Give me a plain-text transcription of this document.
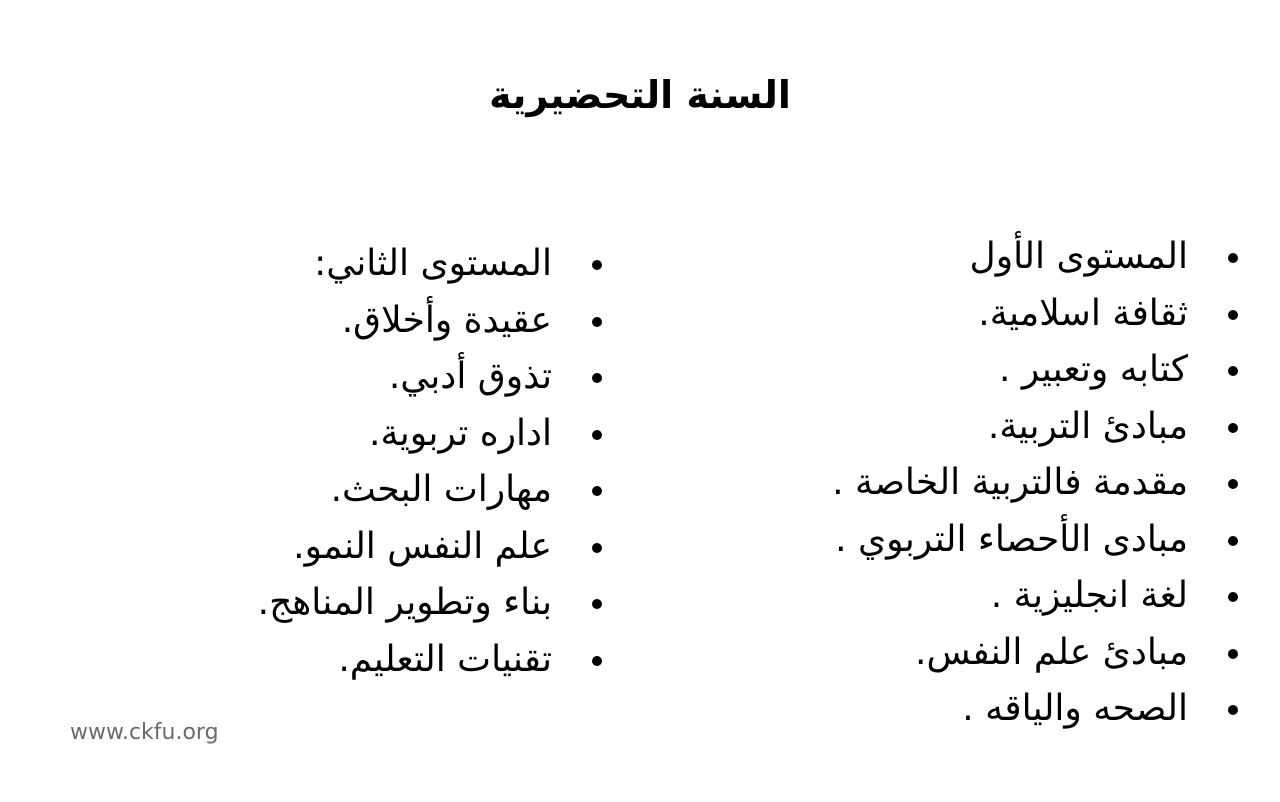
السنة التحضيرية
المستوى الأول
ثقافة اسلامية.
كتابه وتعبير .
مبادئ التربية.
مقدمة فالتربية الخاصة .
مبادى الأحصاء التربوي .
لغة انجليزية .
مبادئ علم النفس.
الصحه والياقه .
المستوى الثاني:
عقيدة وأخلاق.
تذوق أدبي.
اداره تربوية.
مهارات البحث.
علم النفس النمو.
بناء وتطوير المناهج.
تقنيات التعليم.
www.ckfu.org
